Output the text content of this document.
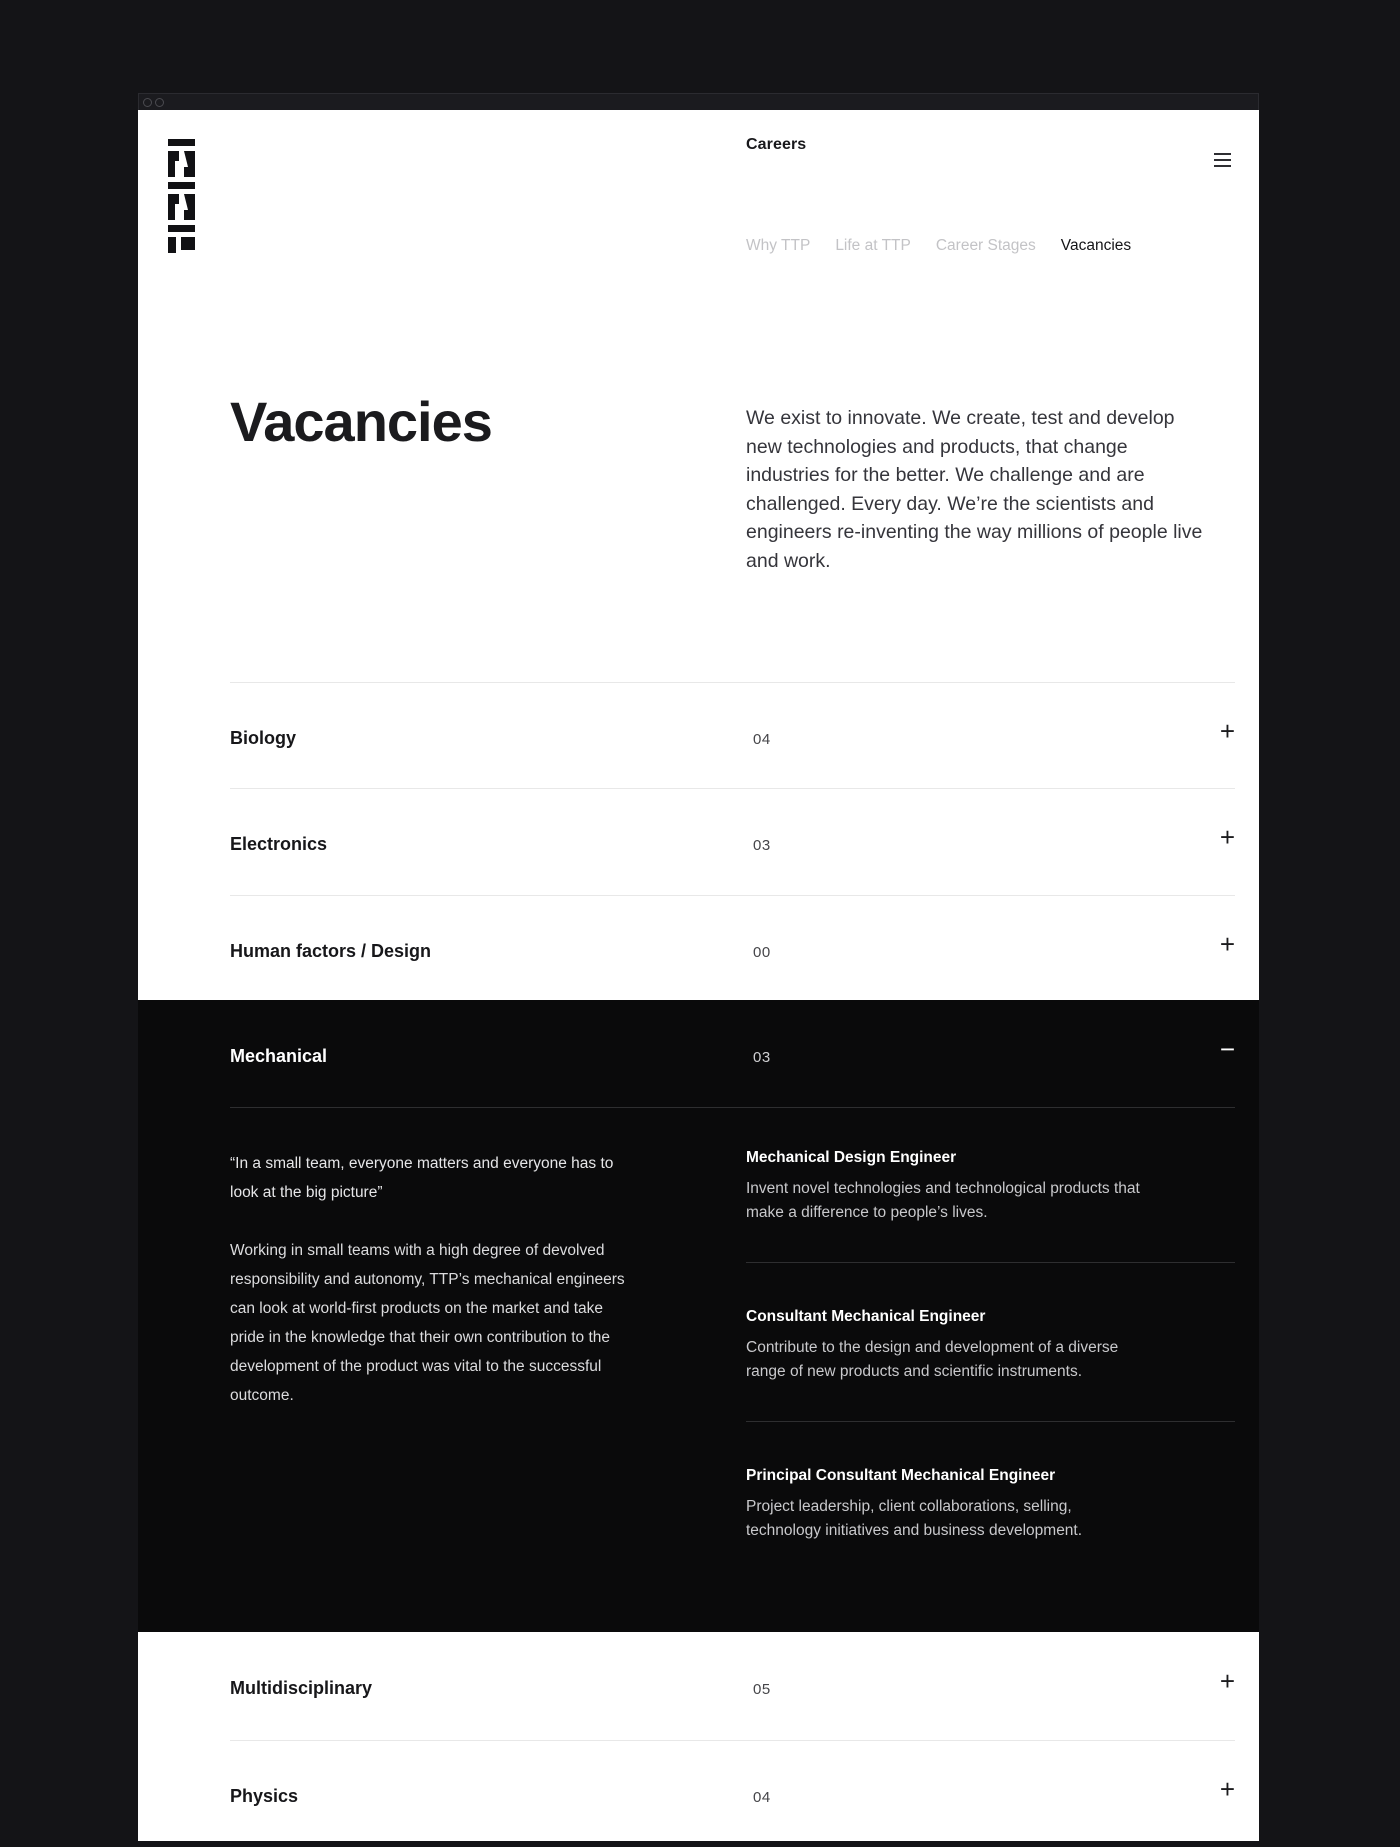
Careers
Why TTP Life at TTP Career Stages Vacancies
Vacancies	We exist to innovate. We create, test and develop new technologies and products, that change industries for the better. We challenge and are challenged. Every day. We’re the scientists and engineers re-inventing the way millions of people live and work.

Biology	04	+
Electronics	03	+
Human factors / Design	00	+
Mechanical	03	−

“In a small team, everyone matters and everyone has to look at the big picture”

Working in small teams with a high degree of devolved responsibility and autonomy, TTP’s mechanical engineers can look at world-first products on the market and take pride in the knowledge that their own contribution to the development of the product was vital to the successful outcome.

Mechanical Design Engineer
Invent novel technologies and technological products that make a difference to people’s lives.
Consultant Mechanical Engineer
Contribute to the design and development of a diverse range of new products and scientific instruments.
Principal Consultant Mechanical Engineer
Project leadership, client collaborations, selling, technology initiatives and business development.
Multidisciplinary	05	+
Physics	04	+
